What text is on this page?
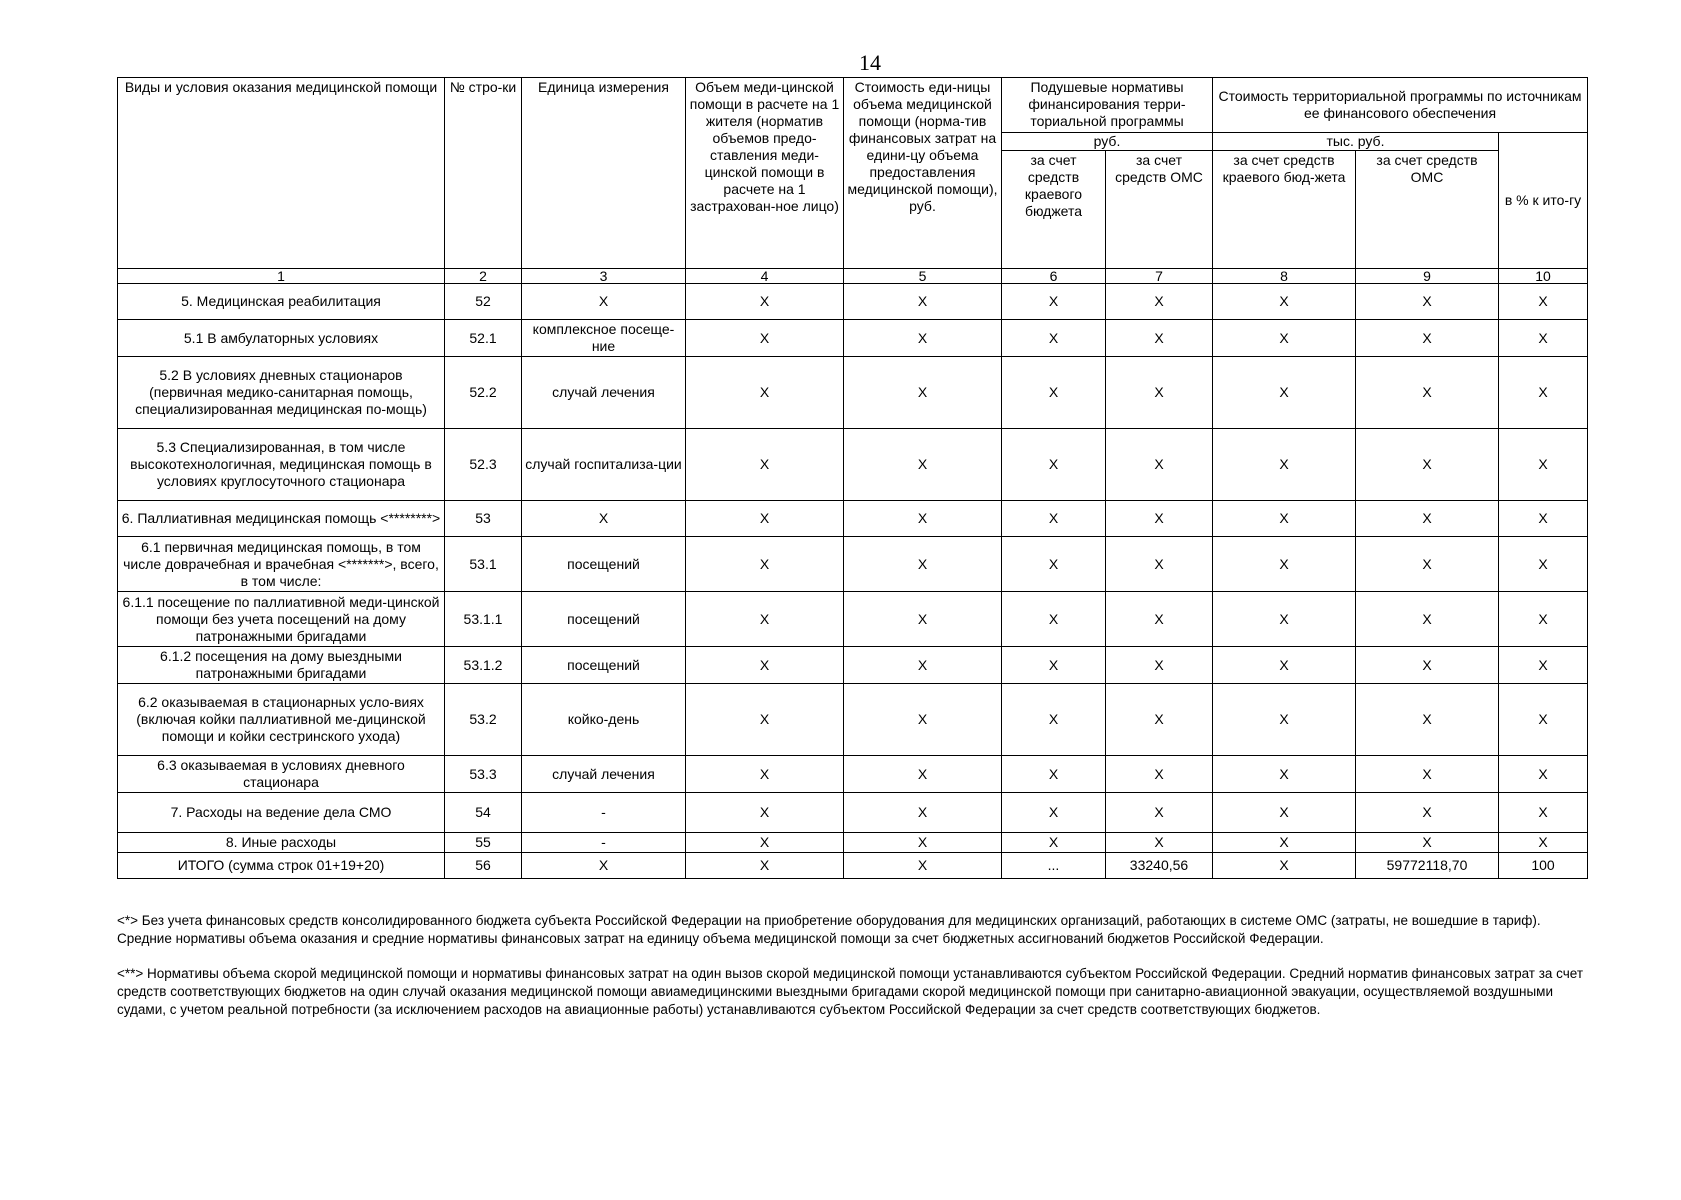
14
Виды и условия оказания медицинской помощи	№ стро-ки	Единица измерения	Объем меди-цинской помощи в расчете на 1 жителя (норматив объемов предо-ставления меди-цинской помощи в расчете на 1 застрахован-ное лицо)	Стоимость еди-ницы объема медицинской помощи (норма-тив финансовых затрат на едини-цу объема предоставления медицинской помощи), руб.	Подушевые нормативы финансирования терри-ториальной программы		Стоимость территориальной программы по источникам ее финансового обеспечения		
					руб.		тыс. руб.		в % к ито-гу
					за счет средств краевого бюджета	за счет средств ОМС	за счет средств краевого бюд-жета	за счет средств ОМС	
1	2	3	4	5	6	7	8	9	10
5. Медицинская реабилитация	52	X	X	X	X	X	X	X	X
5.1 В амбулаторных условиях	52.1	комплексное посеще-ние	X	X	X	X	X	X	X
5.2 В условиях дневных стационаров (первичная медико-санитарная помощь, специализированная медицинская по-мощь)	52.2	случай лечения	X	X	X	X	X	X	X
5.3 Специализированная, в том числе высокотехнологичная, медицинская помощь в условиях круглосуточного стационара	52.3	случай госпитализа-ции	X	X	X	X	X	X	X
6. Паллиативная медицинская помощь <********>	53	X	X	X	X	X	X	X	X
6.1 первичная медицинская помощь, в том числе доврачебная и врачебная <*******>, всего, в том числе:	53.1	посещений	X	X	X	X	X	X	X
6.1.1 посещение по паллиативной меди-цинской помощи без учета посещений на дому патронажными бригадами	53.1.1	посещений	X	X	X	X	X	X	X
6.1.2 посещения на дому выездными патронажными бригадами	53.1.2	посещений	X	X	X	X	X	X	X
6.2 оказываемая в стационарных усло-виях (включая койки паллиативной ме-дицинской помощи и койки сестринского ухода)	53.2	койко-день	X	X	X	X	X	X	X
6.3 оказываемая в условиях дневного стационара	53.3	случай лечения	X	X	X	X	X	X	X
7. Расходы на ведение дела СМО	54	-	X	X	X	X	X	X	X
8. Иные расходы	55	-	X	X	X	X	X	X	X
ИТОГО (сумма строк 01+19+20)	56	X	X	X	...	33240,56	X	59772118,70	100

<*> Без учета финансовых средств консолидированного бюджета субъекта Российской Федерации на приобретение оборудования для медицинских организаций, работающих в системе ОМС (затраты, не вошедшие в тариф). Средние нормативы объема оказания и средние нормативы финансовых затрат на единицу объема медицинской помощи за счет бюджетных ассигнований бюджетов Российской Федерации.

<**> Нормативы объема скорой медицинской помощи и нормативы финансовых затрат на один вызов скорой медицинской помощи устанавливаются субъектом Российской Федерации. Средний норматив финансовых затрат за счет средств соответствующих бюджетов на один случай оказания медицинской помощи авиамедицинскими выездными бригадами скорой медицинской помощи при санитарно-авиационной эвакуации, осуществляемой воздушными судами, с учетом реальной потребности (за исключением расходов на авиационные работы) устанавливаются субъектом Российской Федерации за счет средств соответствующих бюджетов.
